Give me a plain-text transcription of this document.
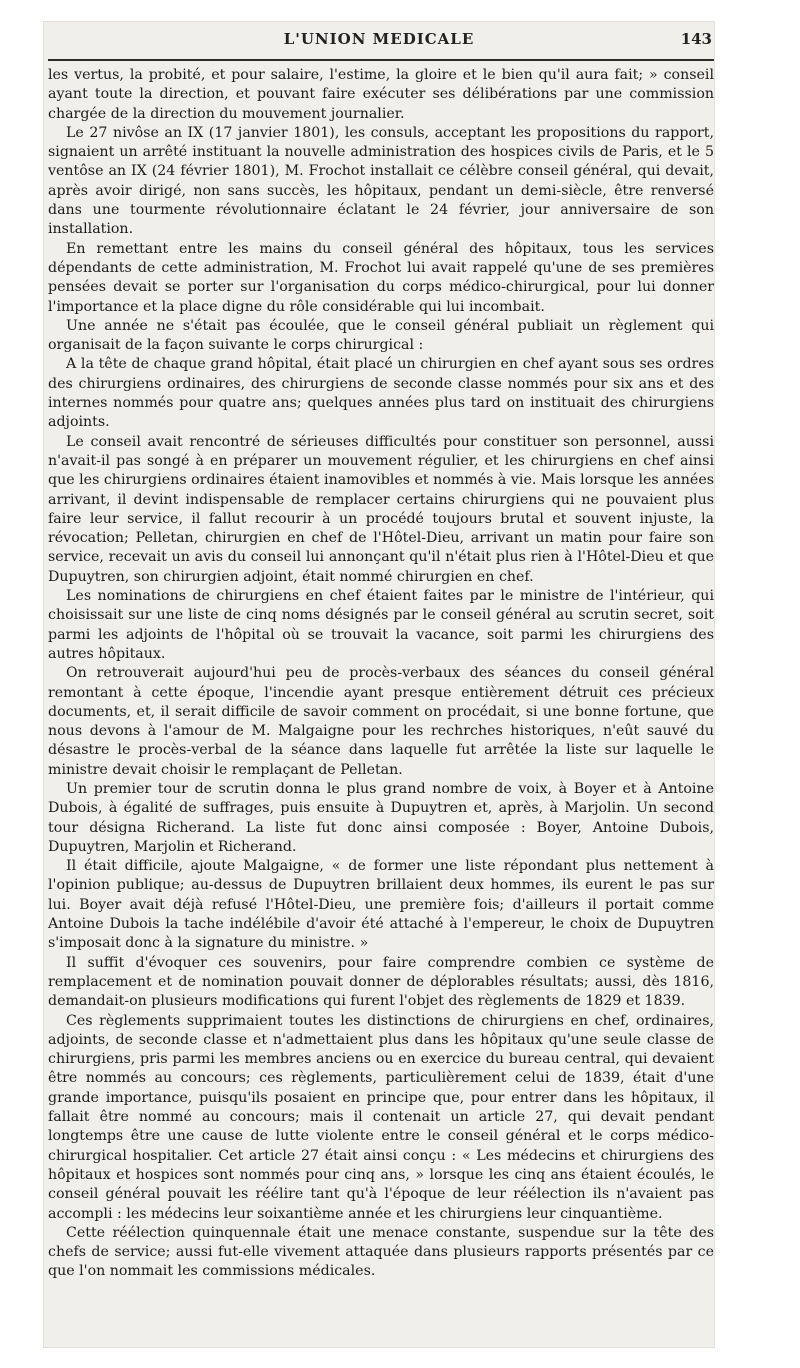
L'UNION MEDICALE	143

les vertus, la probité, et pour salaire, l'estime, la gloire et le bien qu'il aura fait; » conseil ayant toute la direction, et pouvant faire exécuter ses délibérations par une commission chargée de la direction du mouvement journalier.

Le 27 nivôse an IX (17 janvier 1801), les consuls, acceptant les propositions du rapport, signaient un arrêté instituant la nouvelle administration des hospices civils de Paris, et le 5 ventôse an IX (24 février 1801), M. Frochot installait ce célèbre conseil général, qui devait, après avoir dirigé, non sans succès, les hôpitaux, pendant un demi-siècle, être renversé dans une tourmente révolutionnaire éclatant le 24 février, jour anniversaire de son installation.

En remettant entre les mains du conseil général des hôpitaux, tous les services dépendants de cette administration, M. Frochot lui avait rappelé qu'une de ses premières pensées devait se porter sur l'organisation du corps médico-chirurgical, pour lui donner l'importance et la place digne du rôle considérable qui lui incombait.

Une année ne s'était pas écoulée, que le conseil général publiait un règlement qui organisait de la façon suivante le corps chirurgical :

A la tête de chaque grand hôpital, était placé un chirurgien en chef ayant sous ses ordres des chirurgiens ordinaires, des chirurgiens de seconde classe nommés pour six ans et des internes nommés pour quatre ans; quelques années plus tard on instituait des chirurgiens adjoints.

Le conseil avait rencontré de sérieuses difficultés pour constituer son personnel, aussi n'avait-il pas songé à en préparer un mouvement régulier, et les chirurgiens en chef ainsi que les chirurgiens ordinaires étaient inamovibles et nommés à vie. Mais lorsque les années arrivant, il devint indispensable de remplacer certains chirurgiens qui ne pouvaient plus faire leur service, il fallut recourir à un procédé toujours brutal et souvent injuste, la révocation; Pelletan, chirurgien en chef de l'Hôtel-Dieu, arrivant un matin pour faire son service, recevait un avis du conseil lui annonçant qu'il n'était plus rien à l'Hôtel-Dieu et que Dupuytren, son chirurgien adjoint, était nommé chirurgien en chef.

Les nominations de chirurgiens en chef étaient faites par le ministre de l'intérieur, qui choisissait sur une liste de cinq noms désignés par le conseil général au scrutin secret, soit parmi les adjoints de l'hôpital où se trouvait la vacance, soit parmi les chirurgiens des autres hôpitaux.

On retrouverait aujourd'hui peu de procès-verbaux des séances du conseil général remontant à cette époque, l'incendie ayant presque entièrement détruit ces précieux documents, et, il serait difficile de savoir comment on procédait, si une bonne fortune, que nous devons à l'amour de M. Malgaigne pour les rechrches historiques, n'eût sauvé du désastre le procès-verbal de la séance dans laquelle fut arrêtée la liste sur laquelle le ministre devait choisir le remplaçant de Pelletan.

Un premier tour de scrutin donna le plus grand nombre de voix, à Boyer et à Antoine Dubois, à égalité de suffrages, puis ensuite à Dupuytren et, après, à Marjolin. Un second tour désigna Richerand. La liste fut donc ainsi composée : Boyer, Antoine Dubois, Dupuytren, Marjolin et Richerand.

Il était difficile, ajoute Malgaigne, « de former une liste répondant plus nettement à l'opinion publique; au-dessus de Dupuytren brillaient deux hommes, ils eurent le pas sur lui. Boyer avait déjà refusé l'Hôtel-Dieu, une première fois; d'ailleurs il portait comme Antoine Dubois la tache indélébile d'avoir été attaché à l'empereur, le choix de Dupuytren s'imposait donc à la signature du ministre. »

Il suffit d'évoquer ces souvenirs, pour faire comprendre combien ce système de remplacement et de nomination pouvait donner de déplorables résultats; aussi, dès 1816, demandait-on plusieurs modifications qui furent l'objet des règlements de 1829 et 1839.

Ces règlements supprimaient toutes les distinctions de chirurgiens en chef, ordinaires, adjoints, de seconde classe et n'admettaient plus dans les hôpitaux qu'une seule classe de chirurgiens, pris parmi les membres anciens ou en exercice du bureau central, qui devaient être nommés au concours; ces règlements, particulièrement celui de 1839, était d'une grande importance, puisqu'ils posaient en principe que, pour entrer dans les hôpitaux, il fallait être nommé au concours; mais il contenait un article 27, qui devait pendant longtemps être une cause de lutte violente entre le conseil général et le corps médico-chirurgical hospitalier. Cet article 27 était ainsi conçu : « Les médecins et chirurgiens des hôpitaux et hospices sont nommés pour cinq ans, » lorsque les cinq ans étaient écoulés, le conseil général pouvait les réélire tant qu'à l'époque de leur réélection ils n'avaient pas accompli : les médecins leur soixantième année et les chirurgiens leur cinquantième.

Cette réélection quinquennale était une menace constante, suspendue sur la tête des chefs de service; aussi fut-elle vivement attaquée dans plusieurs rapports présentés par ce que l'on nommait les commissions médicales.
